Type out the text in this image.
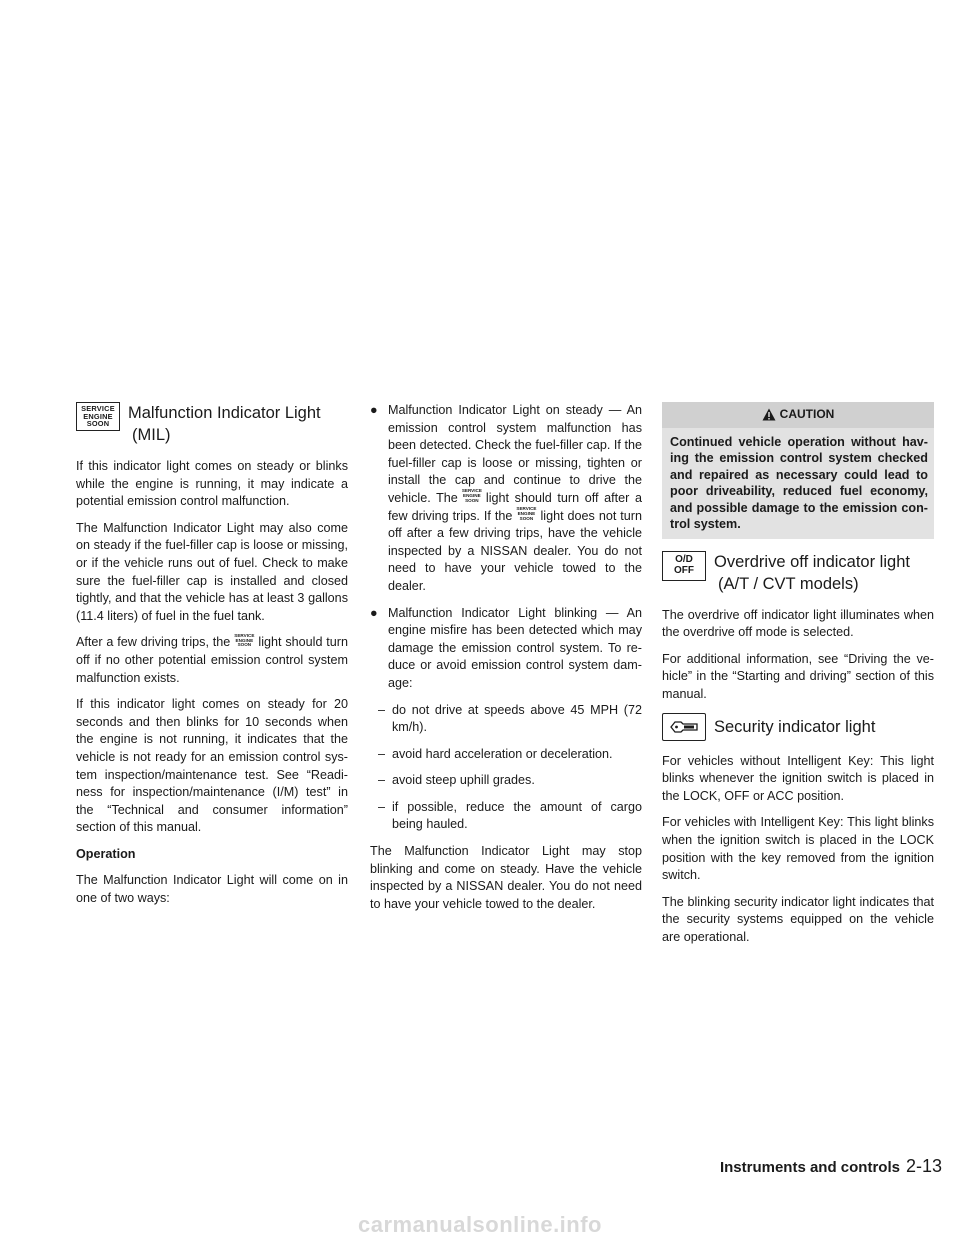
SERVICE
ENGINE
SOON
Malfunction Indicator Light
(MIL)

If this indicator light comes on steady or blinks while the engine is running, it may indicate a potential emission control malfunction.

The Malfunction Indicator Light may also come on steady if the fuel-filler cap is loose or missing, or if the vehicle runs out of fuel. Check to make sure the fuel-filler cap is installed and closed tightly, and that the vehicle has at least 3 gallons (11.4 liters) of fuel in the fuel tank.

After a few driving trips, the
SERVICE
ENGINE
SOON light should turn off if no other potential emission control system malfunction exists.

If this indicator light comes on steady for 20 seconds and then blinks for 10 seconds when the engine is not running, it indicates that the vehicle is not ready for an emission control sys-tem inspection/maintenance test. See “Readi-ness for inspection/maintenance (I/M) test” in the “Technical and consumer information” section of this manual.

Operation

The Malfunction Indicator Light will come on in one of two ways:

● Malfunction Indicator Light on steady — An emission control system malfunction has been detected. Check the fuel-filler cap. If the fuel-filler cap is loose or missing, tighten or install the cap and continue to drive the vehicle. The
SERVICE
ENGINE
SOON light should turn off after a few driving trips. If the
SERVICE
ENGINE
SOON light does not turn off after a few driving trips, have the vehicle inspected by a NISSAN dealer. You do not need to have your vehicle towed to the dealer.
● Malfunction Indicator Light blinking — An engine misfire has been detected which may damage the emission control system. To re-duce or avoid emission control system dam-age:
– do not drive at speeds above 45 MPH (72 km/h).
– avoid hard acceleration or deceleration.
– avoid steep uphill grades.
– if possible, reduce the amount of cargo being hauled.

The Malfunction Indicator Light may stop blinking and come on steady. Have the vehicle inspected by a NISSAN dealer. You do not need to have your vehicle towed to the dealer.

CAUTION
Continued vehicle operation without hav-ing the emission control system checked and repaired as necessary could lead to poor driveability, reduced fuel economy, and possible damage to the emission con-trol system.
O/D
OFF	Overdrive off indicator light
(A/T / CVT models)

The overdrive off indicator light illuminates when the overdrive off mode is selected.

For additional information, see “Driving the ve-hicle” in the “Starting and driving” section of this manual.

Security indicator light

For vehicles without Intelligent Key: This light blinks whenever the ignition switch is placed in the LOCK, OFF or ACC position.

For vehicles with Intelligent Key: This light blinks when the ignition switch is placed in the LOCK position with the key removed from the ignition switch.

The blinking security indicator light indicates that the security systems equipped on the vehicle are operational.

Instruments and controls 2-13
carmanualsonline.info
